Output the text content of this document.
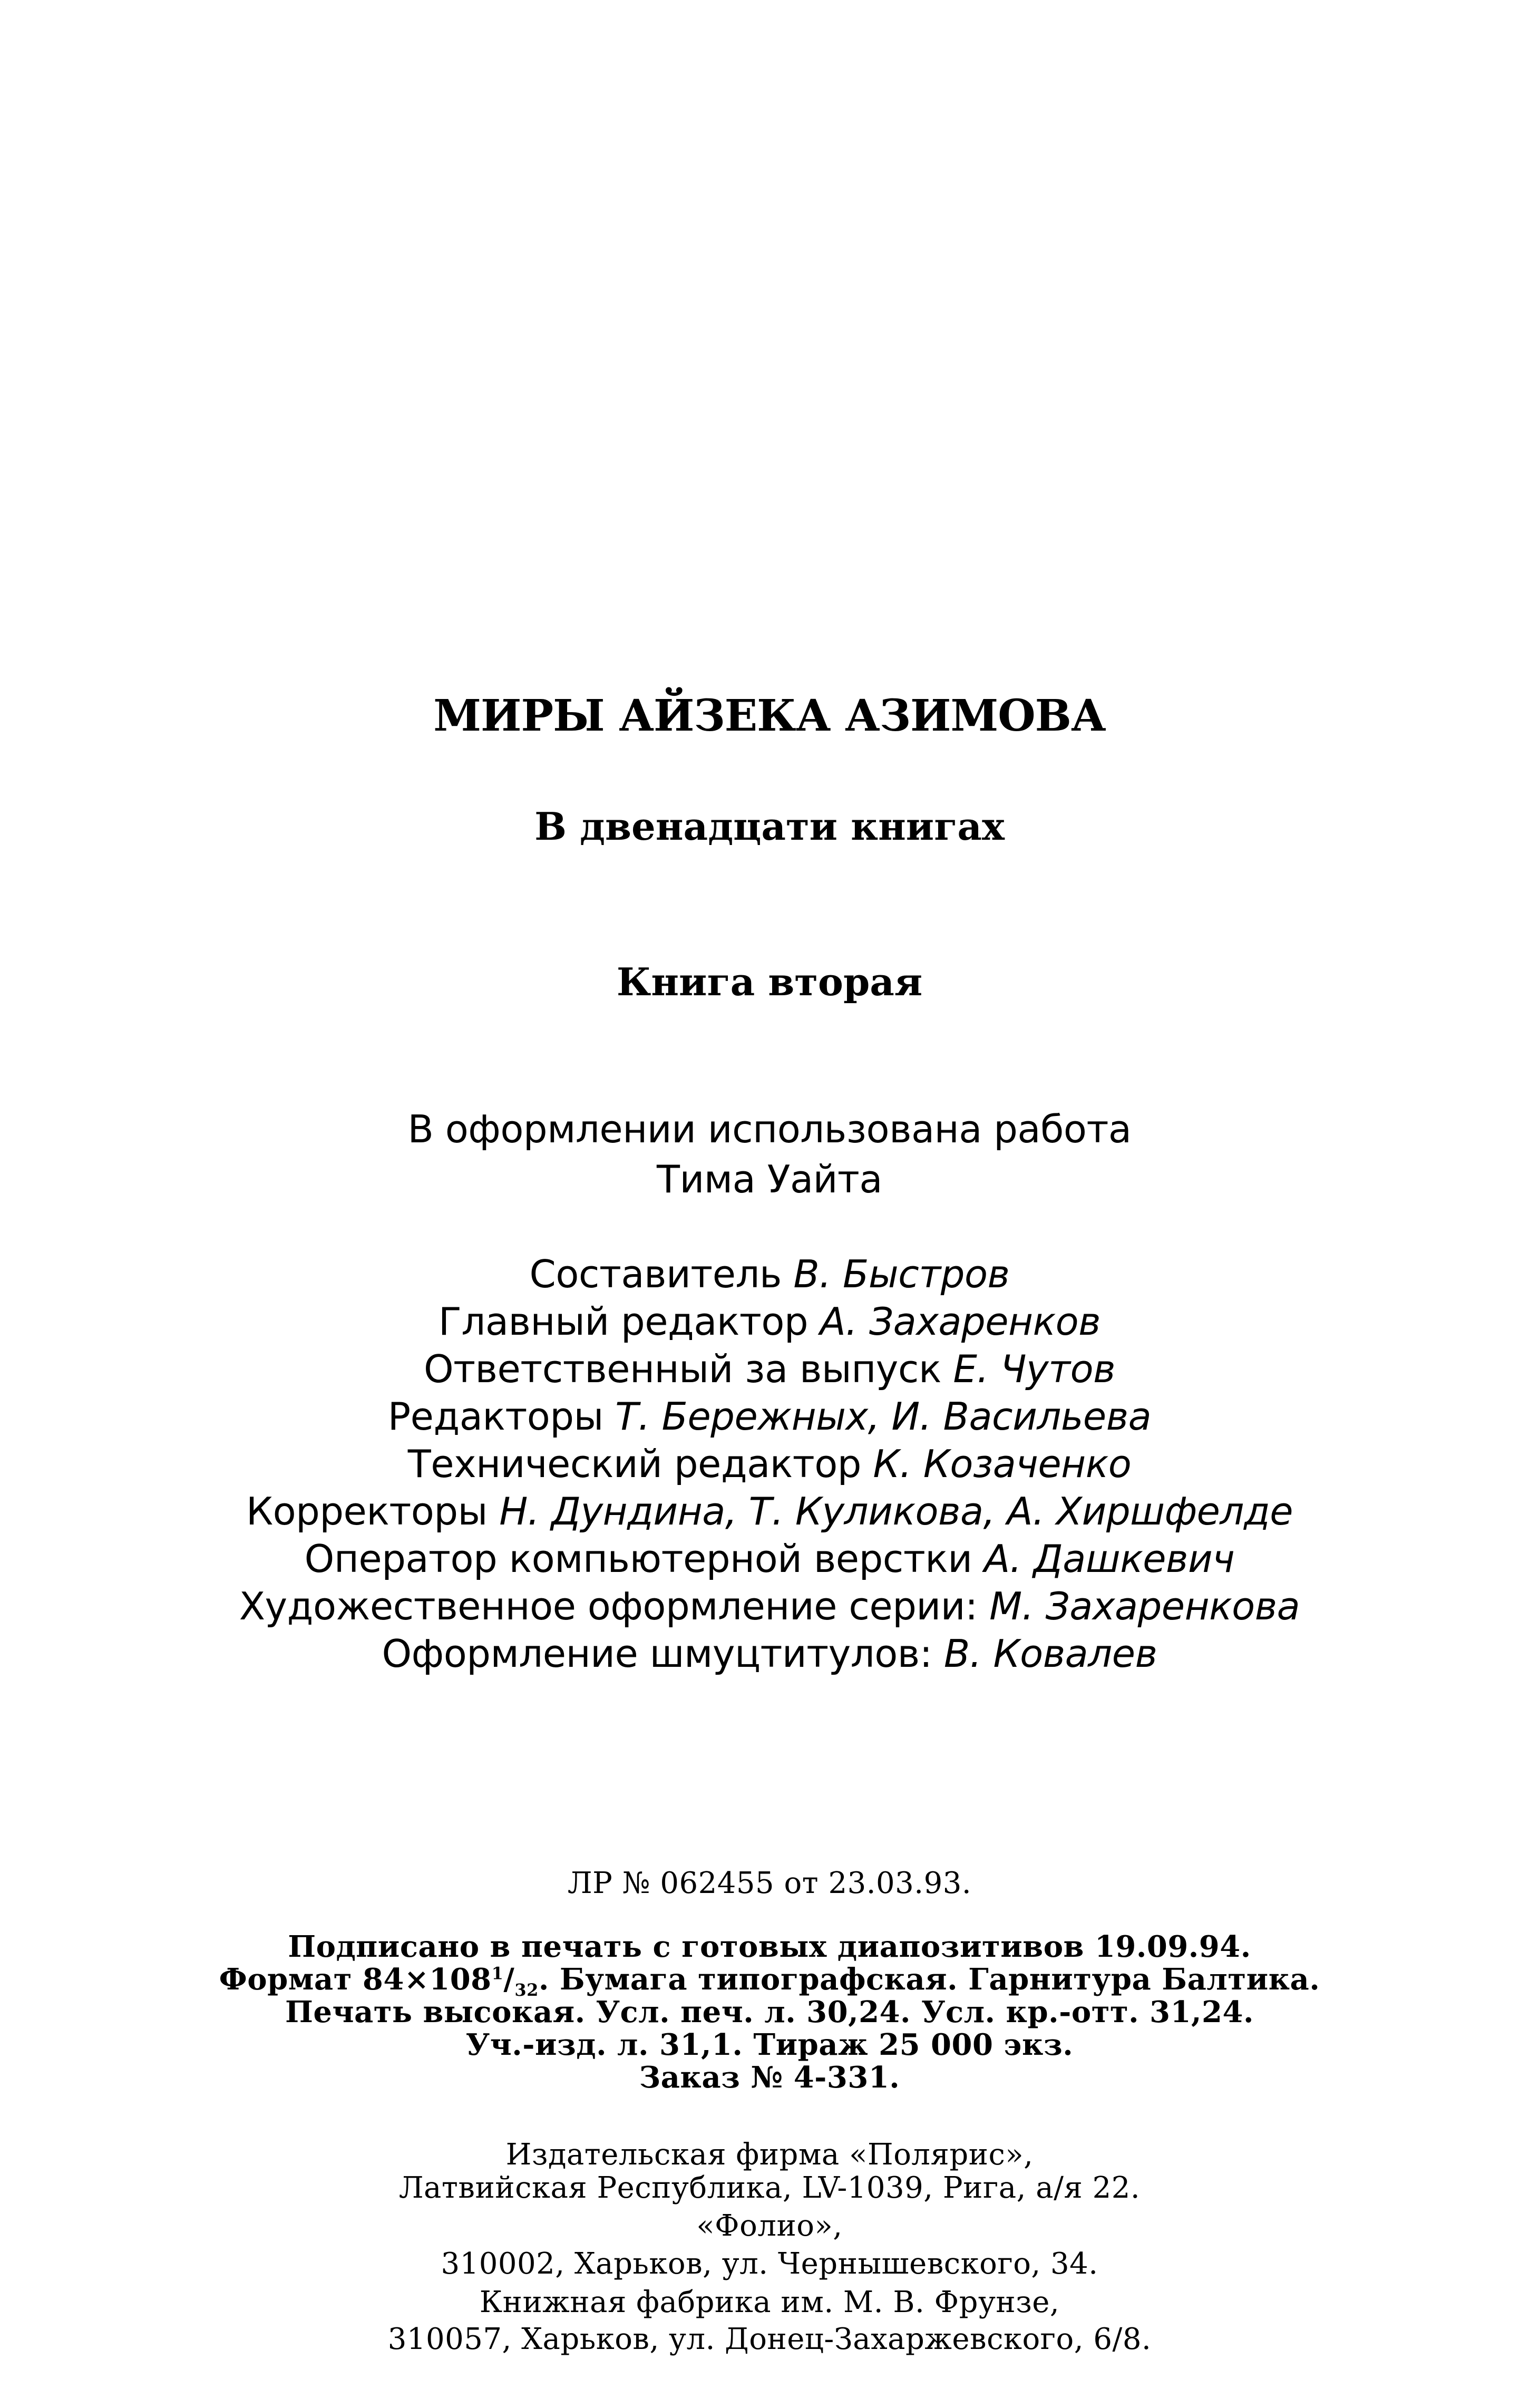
МИРЫ АЙЗЕКА АЗИМОВА

В двенадцати книгах

Книга вторая

В оформлении использована работа

Тима Уайта

Составитель В. Быстров

Главный редактор А. Захаренков

Ответственный за выпуск Е. Чутов

Редакторы Т. Бережных, И. Васильева

Технический редактор К. Козаченко

Корректоры Н. Дундина, Т. Куликова, А. Хиршфелде

Оператор компьютерной верстки А. Дашкевич

Художественное оформление серии: М. Захаренкова

Оформление шмуцтитулов: В. Ковалев

ЛР № 062455 от 23.03.93.

Подписано в печать с готовых диапозитивов 19.09.94.

Формат $84\times 108^1/_{32}$. Бумага типографская. Гарнитура Балтика.

Печать высокая. Усл. печ. л. 30,24. Усл. кр.-отт. 31,24.

Уч.-изд. л. 31,1. Тираж 25 000 экз.

Заказ № 4-331.

Издательская фирма «Полярис»,

Латвийская Республика, LV-1039, Рига, а/я 22.

«Фолио»,

310002, Харьков, ул. Чернышевского, 34.

Книжная фабрика им. М. В. Фрунзе,

310057, Харьков, ул. Донец-Захаржевского, 6/8.
